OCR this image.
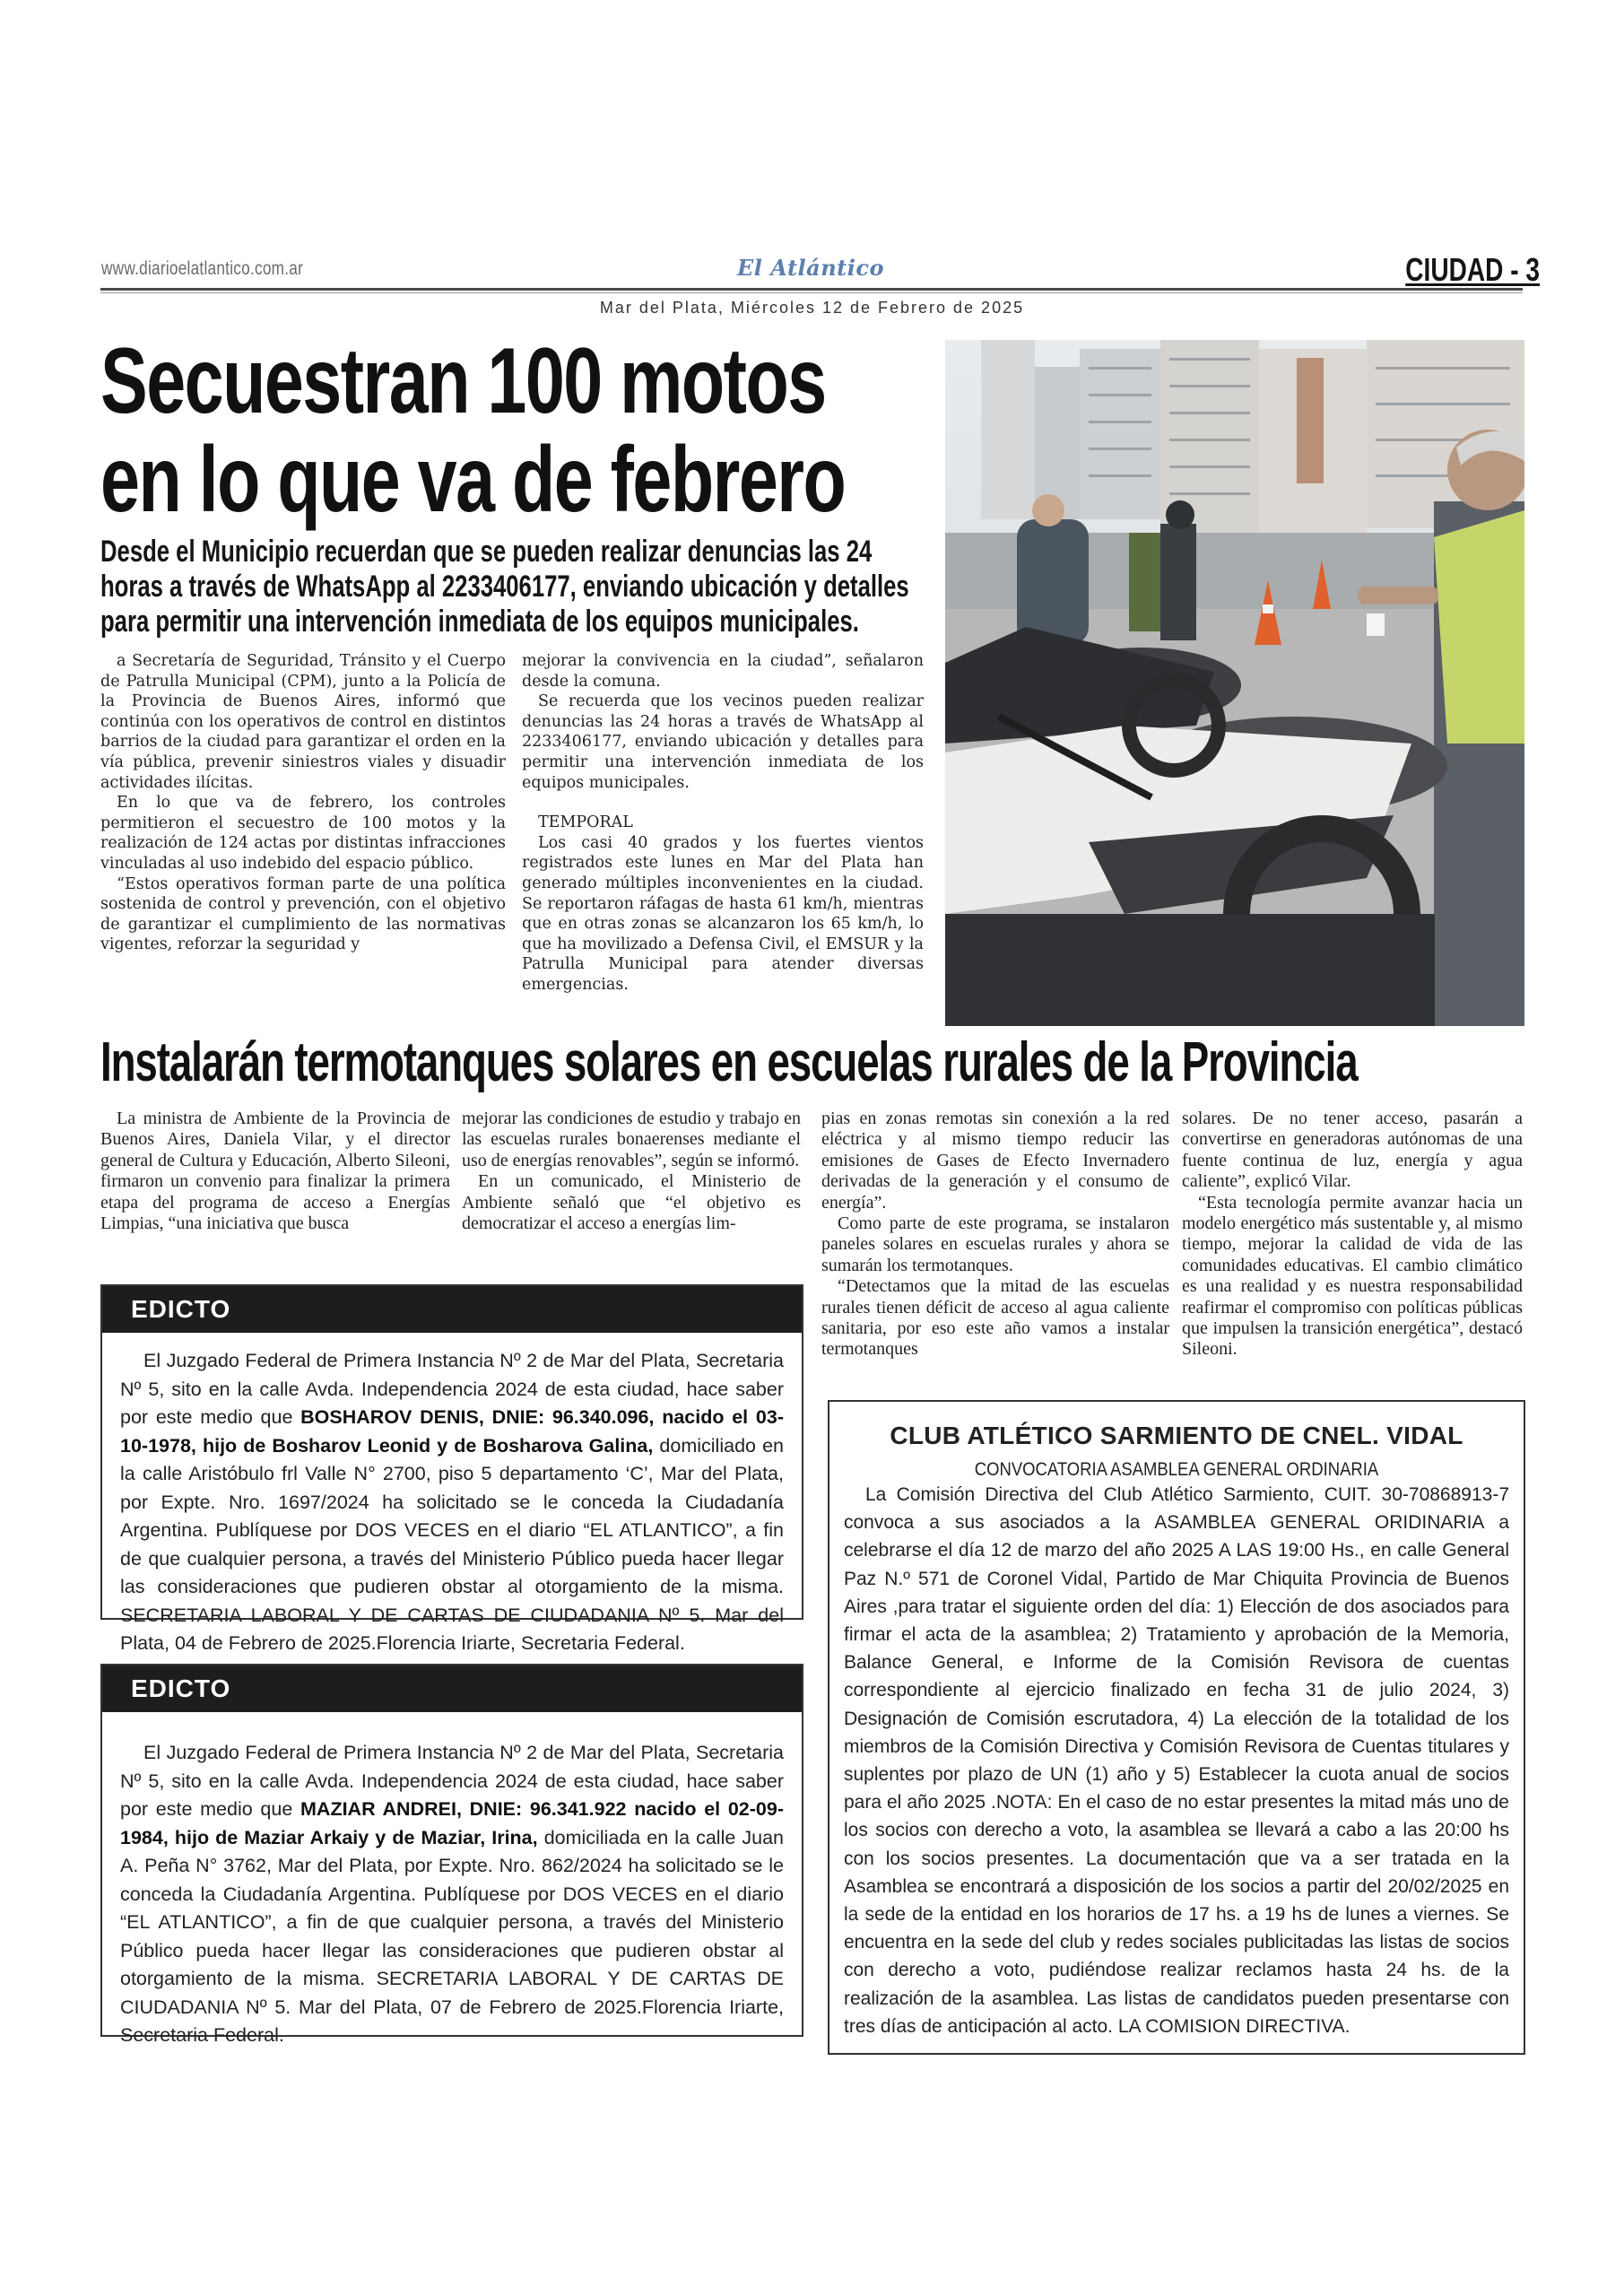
www.diarioelatlantico.com.ar	El Atlántico	CIUDAD - 3
Mar del Plata, Miércoles 12 de Febrero de 2025
Secuestran 100 motos
en lo que va de febrero
Desde el Municipio recuerdan que se pueden realizar denuncias las 24
horas a través de WhatsApp al 2233406177, enviando ubicación y detalles
para permitir una intervención inmediata de los equipos municipales.

a Secretaría de Seguridad, Tránsito y el Cuerpo de Patrulla Municipal (CPM), junto a la Policía de la Provincia de Buenos Aires, informó que continúa con los operativos de control en distintos barrios de la ciudad para garantizar el orden en la vía pública, prevenir siniestros viales y disuadir actividades ilícitas.

En lo que va de febrero, los controles permitieron el secuestro de 100 motos y la realización de 124 actas por distintas infracciones vinculadas al uso indebido del espacio público.

“Estos operativos forman parte de una política sostenida de control y prevención, con el objetivo de garantizar el cumplimiento de las normativas vigentes, reforzar la seguridad y

mejorar la convivencia en la ciudad”, señalaron desde la comuna.

Se recuerda que los vecinos pueden realizar denuncias las 24 horas a través de WhatsApp al 2233406177, enviando ubicación y detalles para permitir una intervención inmediata de los equipos municipales.

TEMPORAL

Los casi 40 grados y los fuertes vientos registrados este lunes en Mar del Plata han generado múltiples inconvenientes en la ciudad. Se reportaron ráfagas de hasta 61 km/h, mientras que en otras zonas se alcanzaron los 65 km/h, lo que ha movilizado a Defensa Civil, el EMSUR y la Patrulla Municipal para atender diversas emergencias.

Instalarán termotanques solares en escuelas rurales de la Provincia

La ministra de Ambiente de la Provincia de Buenos Aires, Daniela Vilar, y el director general de Cultura y Educación, Alberto Sileoni, firmaron un convenio para finalizar la primera etapa del programa de acceso a Energías Limpias, “una iniciativa que busca

mejorar las condiciones de estudio y trabajo en las escuelas rurales bonaerenses mediante el uso de energías renovables”, según se informó.

En un comunicado, el Ministerio de Ambiente señaló que “el objetivo es democratizar el acceso a energías lim-

pias en zonas remotas sin conexión a la red eléctrica y al mismo tiempo reducir las emisiones de Gases de Efecto Invernadero derivadas de la generación y el consumo de energía”.

Como parte de este programa, se instalaron paneles solares en escuelas rurales y ahora se sumarán los termotanques.

“Detectamos que la mitad de las escuelas rurales tienen déficit de acceso al agua caliente sanitaria, por eso este año vamos a instalar termotanques

solares. De no tener acceso, pasarán a convertirse en generadoras autónomas de una fuente continua de luz, energía y agua caliente”, explicó Vilar.

“Esta tecnología permite avanzar hacia un modelo energético más sustentable y, al mismo tiempo, mejorar la calidad de vida de las comunidades educativas. El cambio climático es una realidad y es nuestra responsabilidad reafirmar el compromiso con políticas públicas que impulsen la transición energética”, destacó Sileoni.

EDICTO

El Juzgado Federal de Primera Instancia Nº 2 de Mar del Plata, Secretaria Nº 5, sito en la calle Avda. Independencia 2024 de esta ciudad, hace saber por este medio que BOSHAROV DENIS, DNIE: 96.340.096, nacido el 03-10-1978, hijo de Bosharov Leonid y de Bosharova Galina, domiciliado en la calle Aristóbulo frl Valle N° 2700, piso 5 departamento ‘C’, Mar del Plata, por Expte. Nro. 1697/2024 ha solicitado se le conceda la Ciudadanía Argentina. Publíquese por DOS VECES en el diario “EL ATLANTICO”, a fin de que cualquier persona, a través del Ministerio Público pueda hacer llegar las consideraciones que pudieren obstar al otorgamiento de la misma. SECRETARIA LABORAL Y DE CARTAS DE CIUDADANIA Nº 5. Mar del Plata, 04 de Febrero de 2025.Florencia Iriarte, Secretaria Federal.

EDICTO

El Juzgado Federal de Primera Instancia Nº 2 de Mar del Plata, Secretaria Nº 5, sito en la calle Avda. Independencia 2024 de esta ciudad, hace saber por este medio que MAZIAR ANDREI, DNIE: 96.341.922 nacido el 02-09-1984, hijo de Maziar Arkaiy y de Maziar, Irina, domiciliada en la calle Juan A. Peña N° 3762, Mar del Plata, por Expte. Nro. 862/2024 ha solicitado se le conceda la Ciudadanía Argentina. Publíquese por DOS VECES en el diario “EL ATLANTICO”, a fin de que cualquier persona, a través del Ministerio Público pueda hacer llegar las consideraciones que pudieren obstar al otorgamiento de la misma. SECRETARIA LABORAL Y DE CARTAS DE CIUDADANIA Nº 5. Mar del Plata, 07 de Febrero de 2025.Florencia Iriarte, Secretaria Federal.

CLUB ATLÉTICO SARMIENTO DE CNEL. VIDAL
CONVOCATORIA ASAMBLEA GENERAL ORDINARIA

La Comisión Directiva del Club Atlético Sarmiento, CUIT. 30-70868913-7 convoca a sus asociados a la ASAMBLEA GENERAL ORIDINARIA a celebrarse el día 12 de marzo del año 2025 A LAS 19:00 Hs., en calle General Paz N.º 571 de Coronel Vidal, Partido de Mar Chiquita Provincia de Buenos Aires ,para tratar el siguiente orden del día: 1) Elección de dos asociados para firmar el acta de la asamblea; 2) Tratamiento y aprobación de la Memoria, Balance General, e Informe de la Comisión Revisora de cuentas correspondiente al ejercicio finalizado en fecha 31 de julio 2024, 3) Designación de Comisión escrutadora, 4) La elección de la totalidad de los miembros de la Comisión Directiva y Comisión Revisora de Cuentas titulares y suplentes por plazo de UN (1) año y 5) Establecer la cuota anual de socios para el año 2025 .NOTA: En el caso de no estar presentes la mitad más uno de los socios con derecho a voto, la asamblea se llevará a cabo a las 20:00 hs con los socios presentes. La documentación que va a ser tratada en la Asamblea se encontrará a disposición de los socios a partir del 20/02/2025 en la sede de la entidad en los horarios de 17 hs. a 19 hs de lunes a viernes. Se encuentra en la sede del club y redes sociales publicitadas las listas de socios con derecho a voto, pudiéndose realizar reclamos hasta 24 hs. de la realización de la asamblea. Las listas de candidatos pueden presentarse con tres días de anticipación al acto. LA COMISION DIRECTIVA.
